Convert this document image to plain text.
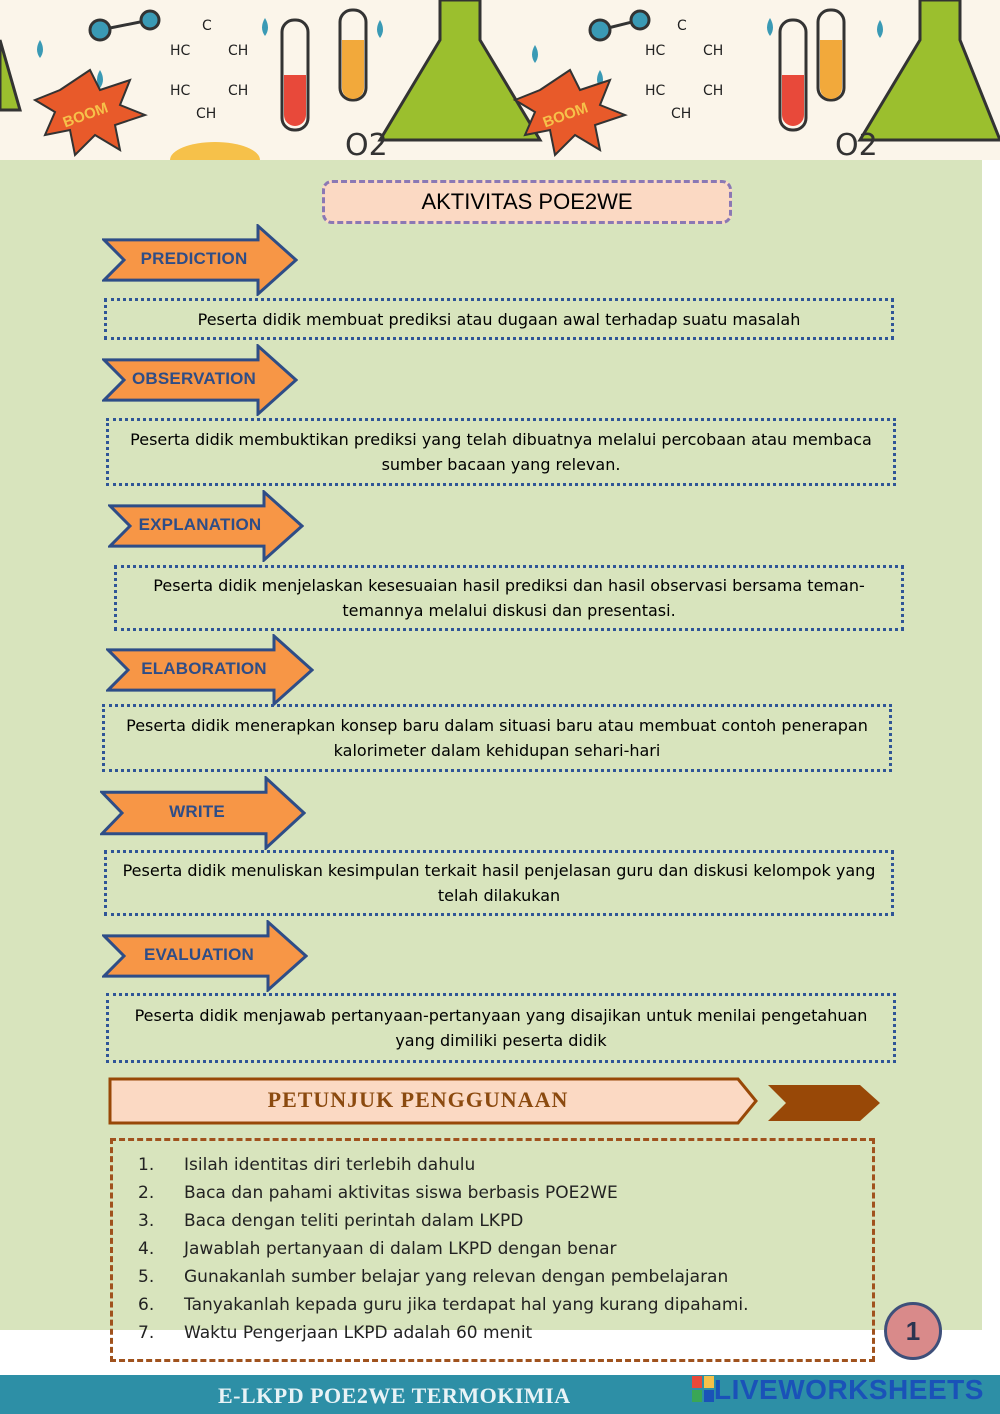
HC	CH
HC	CH
CH
C
HC	CH
HC	CH
CH
C
BOOM	BOOM
O2	O2
AKTIVITAS POE2WE
PREDICTION
Peserta didik membuat prediksi atau dugaan awal terhadap suatu masalah
OBSERVATION
Peserta didik membuktikan prediksi yang telah dibuatnya melalui percobaan atau membaca sumber bacaan yang relevan.
EXPLANATION
Peserta didik menjelaskan kesesuaian hasil prediksi dan hasil observasi bersama teman-temannya melalui diskusi dan presentasi.
ELABORATION
Peserta didik menerapkan konsep baru dalam situasi baru atau membuat contoh penerapan kalorimeter dalam kehidupan sehari-hari
WRITE
Peserta didik menuliskan kesimpulan terkait hasil penjelasan guru dan diskusi kelompok yang telah dilakukan
EVALUATION
Peserta didik menjawab pertanyaan-pertanyaan yang disajikan untuk menilai pengetahuan yang dimiliki peserta didik
PETUNJUK PENGGUNAAN
1. Isilah identitas diri terlebih dahulu
2. Baca dan pahami aktivitas siswa berbasis POE2WE
3. Baca dengan teliti perintah dalam LKPD
4. Jawablah pertanyaan di dalam LKPD dengan benar
5. Gunakanlah sumber belajar yang relevan dengan pembelajaran
6. Tanyakanlah kepada guru jika terdapat hal yang kurang dipahami.
7. Waktu Pengerjaan LKPD adalah 60 menit	1
E-LKPD POE2WE TERMOKIMIA	LIVEWORKSHEETS
